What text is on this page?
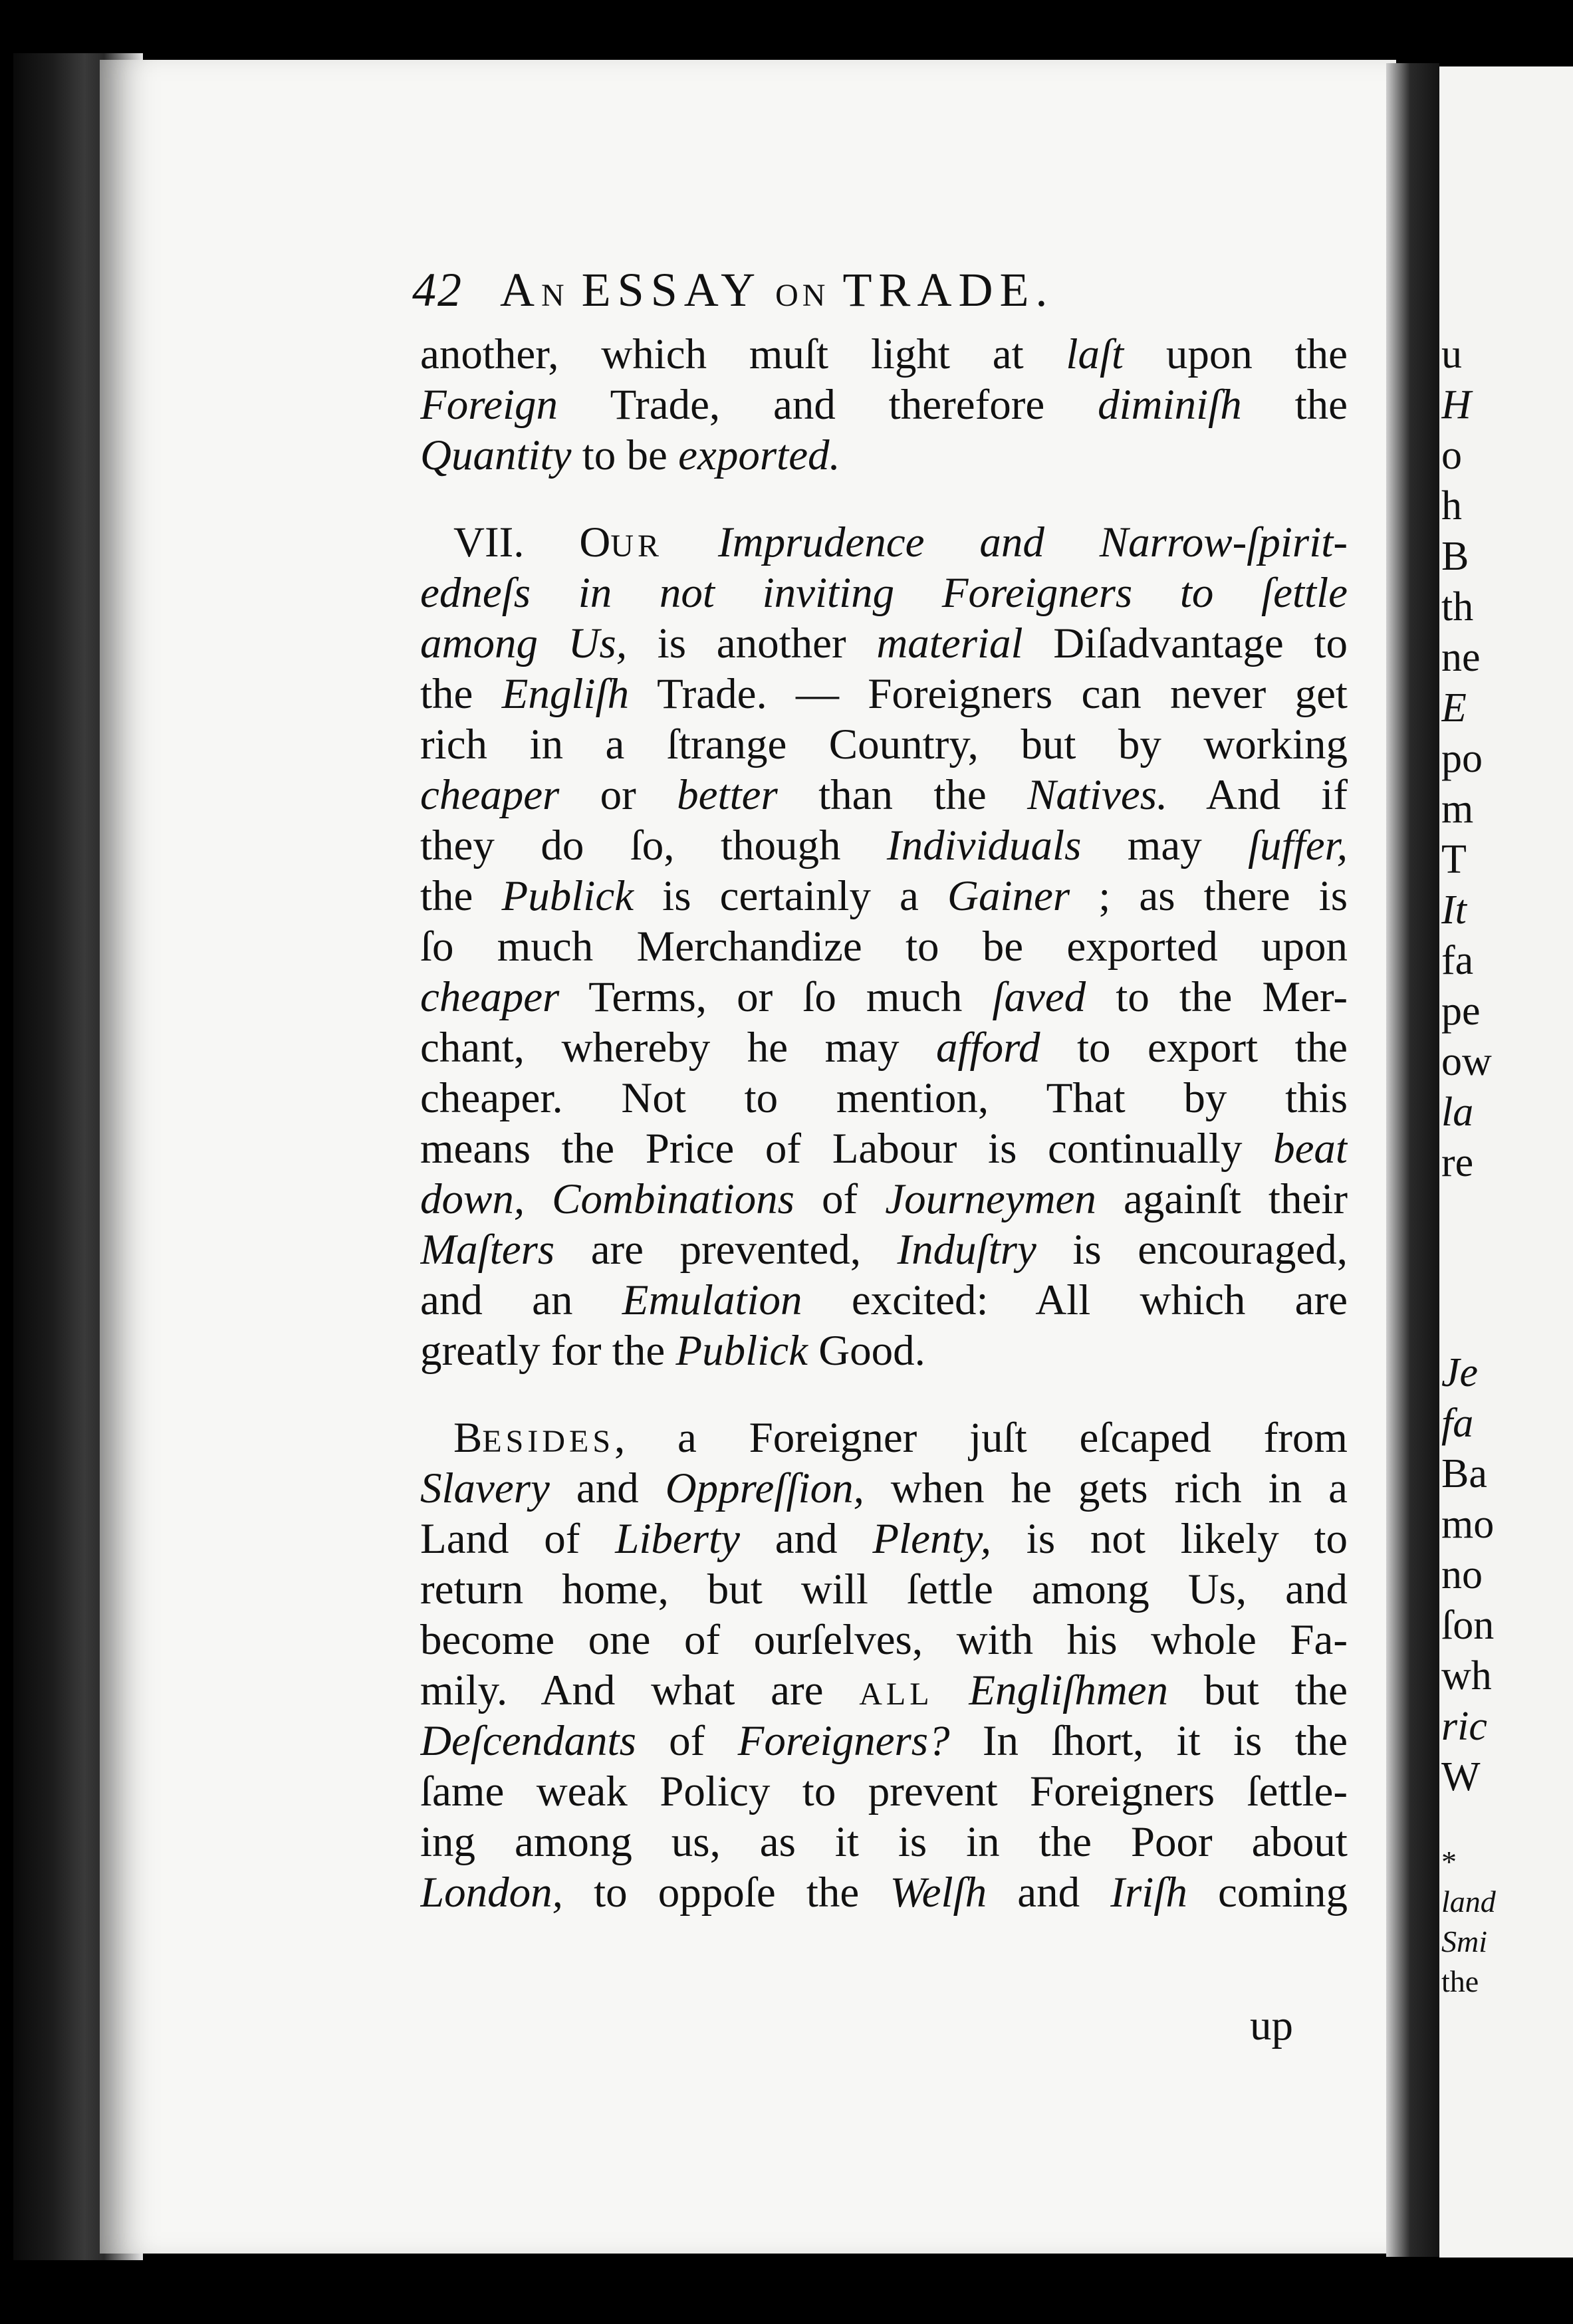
42 AN ESSAY ON TRADE.
another, which muſt light at laſt upon the
Foreign Trade, and therefore diminiſh the
Quantity to be exported.
VII. OUR Imprudence and Narrow-ſpirit-
edneſs in not inviting Foreigners to ſettle
among Us, is another material Diſadvantage to
the Engliſh Trade. — Foreigners can never get
rich in a ſtrange Country, but by working
cheaper or better than the Natives. And if
they do ſo, though Individuals may ſuffer,
the Publick is certainly a Gainer ; as there is
ſo much Merchandize to be exported upon
cheaper Terms, or ſo much ſaved to the Mer-
chant, whereby he may afford to export the
cheaper. Not to mention, That by this
means the Price of Labour is continually beat
down, Combinations of Journeymen againſt their
Maſters are prevented, Induſtry is encouraged,
and an Emulation excited: All which are
greatly for the Publick Good.
BESIDES, a Foreigner juſt eſcaped from
Slavery and Oppreſſion, when he gets rich in a
Land of Liberty and Plenty, is not likely to
return home, but will ſettle among Us, and
become one of ourſelves, with his whole Fa-
mily. And what are ALL Engliſhmen but the
Deſcendants of Foreigners? In ſhort, it is the
ſame weak Policy to prevent Foreigners ſettle-
ing among us, as it is in the Poor about
London, to oppoſe the Welſh and Iriſh coming
up
u
H
o
h
B
th
ne
E
po
m
T
It
fa
pe
ow
la
re
Je
fa
Ba
mo
no
ſon
wh
ric
W
*
land
Smi
the
